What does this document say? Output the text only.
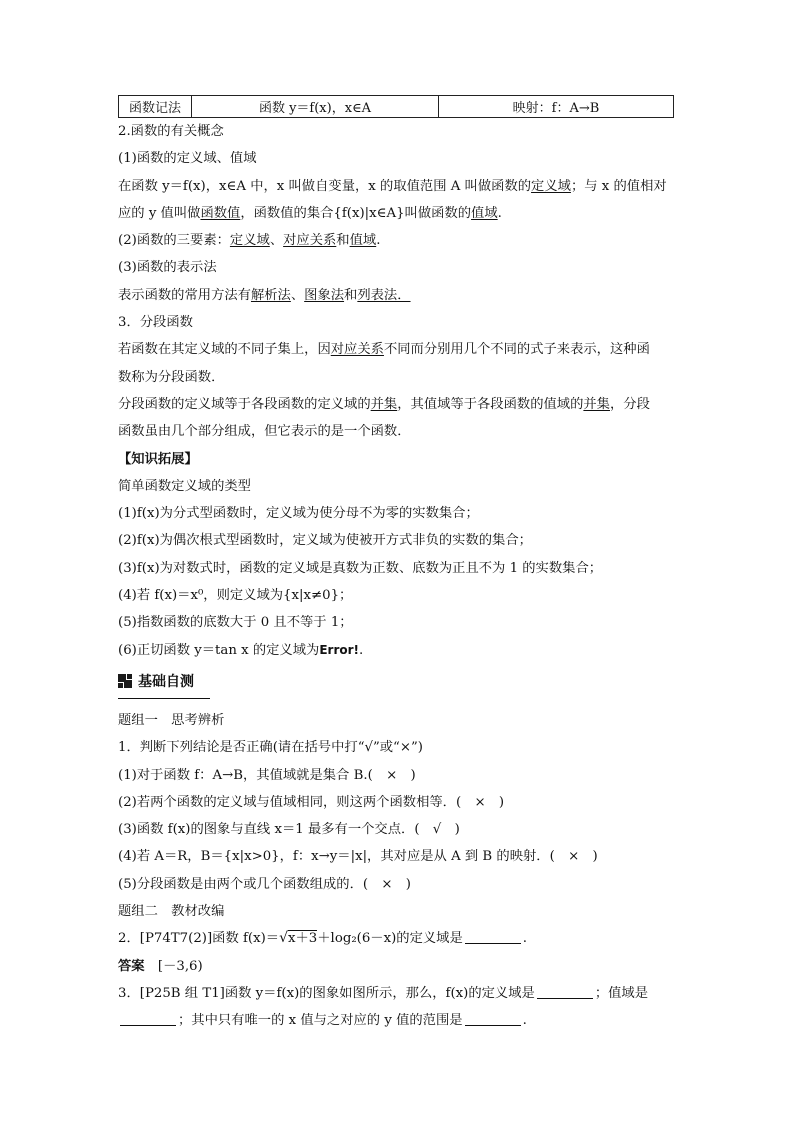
函数记法	函数 y＝f(x)，x∈A	映射：f：A→B
2.函数的有关概念
(1)函数的定义域、值域
在函数 y＝f(x)，x∈A 中，x 叫做自变量，x 的取值范围 A 叫做函数的定义域；与 x 的值相对
应的 y 值叫做函数值，函数值的集合{f(x)|x∈A}叫做函数的值域.
(2)函数的三要素：定义域、对应关系和值域.
(3)函数的表示法
表示函数的常用方法有解析法、图象法和列表法．
3．分段函数
若函数在其定义域的不同子集上，因对应关系不同而分别用几个不同的式子来表示，这种函
数称为分段函数．
分段函数的定义域等于各段函数的定义域的并集，其值域等于各段函数的值域的并集，分段
函数虽由几个部分组成，但它表示的是一个函数．
【知识拓展】
简单函数定义域的类型
(1)f(x)为分式型函数时，定义域为使分母不为零的实数集合；
(2)f(x)为偶次根式型函数时，定义域为使被开方式非负的实数的集合；
(3)f(x)为对数式时，函数的定义域是真数为正数、底数为正且不为 1 的实数集合；
(4)若 f(x)＝x⁰，则定义域为{x|x≠0}；
(5)指数函数的底数大于 0 且不等于 1；
(6)正切函数 y＝tan x 的定义域为Error!.
基础自测
题组一　思考辨析
1．判断下列结论是否正确(请在括号中打“√”或“×”)
(1)对于函数 f：A→B，其值域就是集合 B.(　×　)
(2)若两个函数的定义域与值域相同，则这两个函数相等．(　×　)
(3)函数 f(x)的图象与直线 x＝1 最多有一个交点．(　√　)
(4)若 A＝R，B＝{x|x>0}，f：x→y＝|x|，其对应是从 A 到 B 的映射．(　×　)
(5)分段函数是由两个或几个函数组成的．(　×　)
题组二　教材改编
2．[P74T7(2)]函数 f(x)＝√x＋3＋log₂(6－x)的定义域是	.
答案　 [－3,6)
3．[P25B 组 T1]函数 y＝f(x)的图象如图所示，那么，f(x)的定义域是	；值域是
；其中只有唯一的 x 值与之对应的 y 值的范围是	.
